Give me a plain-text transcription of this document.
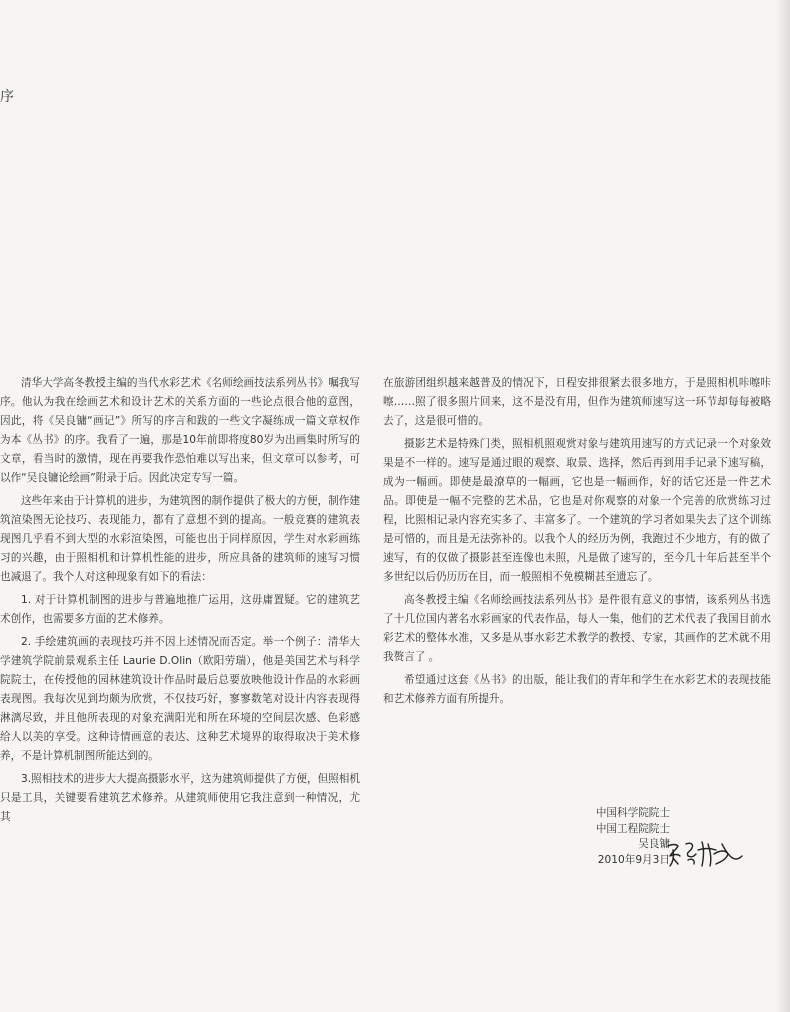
序

清华大学高冬教授主编的当代水彩艺术《名师绘画技法系列丛书》嘱我写序。他认为我在绘画艺术和设计艺术的关系方面的一些论点很合他的意图，因此，将《吴良镛“画记”》所写的序言和跋的一些文字凝练成一篇文章权作为本《丛书》的序。我看了一遍，那是10年前即将度80岁为出画集时所写的文章，看当时的激情，现在再要我作恐怕难以写出来，但文章可以参考，可以作“吴良镛论绘画”附录于后。因此决定专写一篇。

这些年来由于计算机的进步，为建筑图的制作提供了极大的方便，制作建筑渲染图无论技巧、表现能力，都有了意想不到的提高。一般竞赛的建筑表现图几乎看不到大型的水彩渲染图，可能也出于同样原因，学生对水彩画练习的兴趣，由于照相机和计算机性能的进步，所应具备的建筑师的速写习惯也减退了。我个人对这种现象有如下的看法：

1. 对于计算机制图的进步与普遍地推广运用，这毋庸置疑。它的建筑艺术创作，也需要多方面的艺术修养。

2. 手绘建筑画的表现技巧并不因上述情况而否定。举一个例子：清华大学建筑学院前景观系主任 Laurie D.Olin（欧阳劳瑞），他是美国艺术与科学院院士，在传授他的园林建筑设计作品时最后总要放映他设计作品的水彩画表现图。我每次见到均颇为欣赏，不仅技巧好，寥寥数笔对设计内容表现得淋漓尽致，并且他所表现的对象充满阳光和所在环境的空间层次感、色彩感给人以美的享受。这种诗情画意的表达、这种艺术境界的取得取决于美术修养，不是计算机制图所能达到的。

3.照相技术的进步大大提高摄影水平，这为建筑师提供了方便，但照相机只是工具，关键要看建筑艺术修养。从建筑师使用它我注意到一种情况，尤其

在旅游团组织越来越普及的情况下，日程安排很紧去很多地方，于是照相机咔嚓咔嚓……照了很多照片回来，这不是没有用，但作为建筑师速写这一环节却每每被略去了，这是很可惜的。

摄影艺术是特殊门类，照相机照观赏对象与建筑用速写的方式记录一个对象效果是不一样的。速写是通过眼的观察、取景、选择，然后再到用手记录下速写稿，成为一幅画。即使是最潦草的一幅画，它也是一幅画作，好的话它还是一件艺术品。即使是一幅不完整的艺术品，它也是对你观察的对象一个完善的欣赏练习过程，比照相记录内容充实多了、丰富多了。一个建筑的学习者如果失去了这个训练是可惜的，而且是无法弥补的。以我个人的经历为例，我跑过不少地方，有的做了速写，有的仅做了摄影甚至连像也未照，凡是做了速写的，至今几十年后甚至半个多世纪以后仍历历在目，而一般照相不免模糊甚至遗忘了。

高冬教授主编《名师绘画技法系列丛书》是件很有意义的事情，该系列丛书选了十几位国内著名水彩画家的代表作品，每人一集，他们的艺术代表了我国目前水彩艺术的整体水准，又多是从事水彩艺术教学的教授、专家，其画作的艺术就不用我赘言了 。

希望通过这套《丛书》的出版，能让我们的青年和学生在水彩艺术的表现技能和艺术修养方面有所提升。

中国科学院院士
中国工程院院士
吴良镛
2010年9月3日
